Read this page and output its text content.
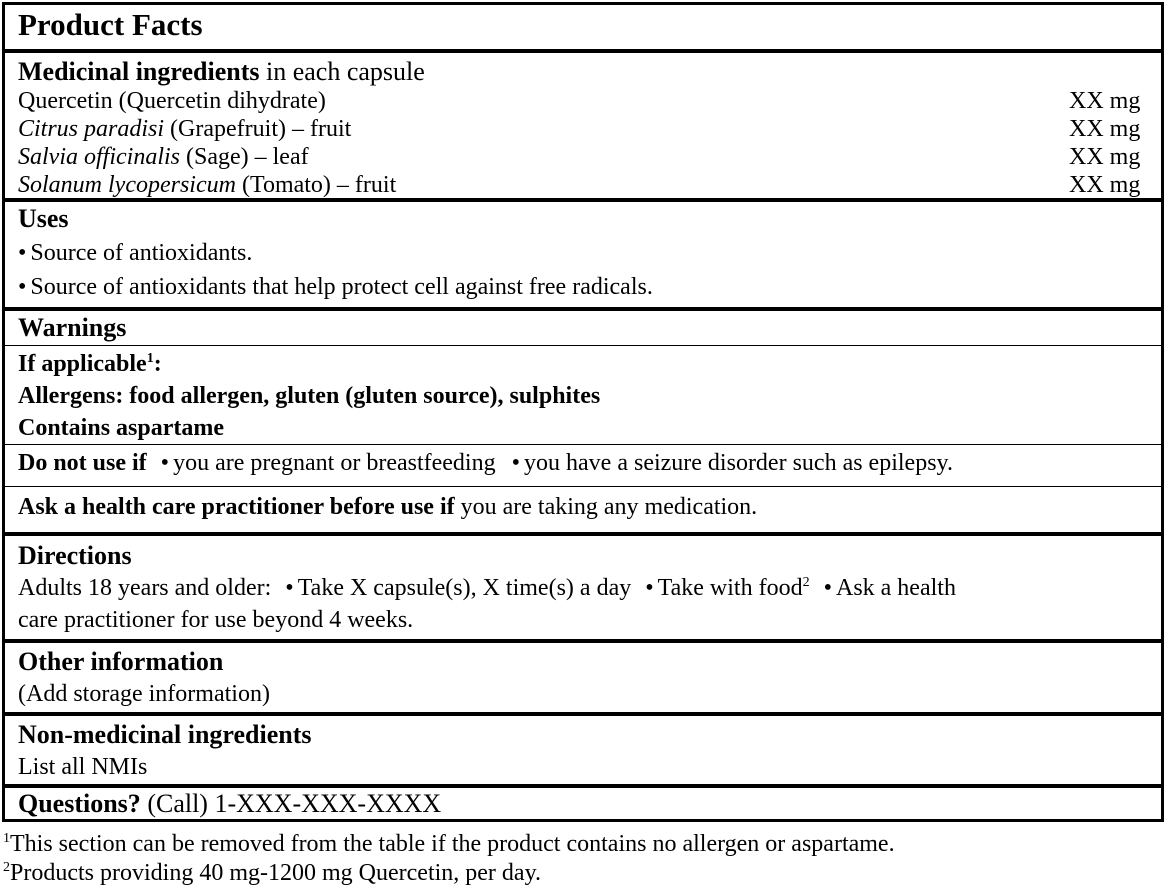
Product Facts
Medicinal ingredients in each capsule
Quercetin (Quercetin dihydrate)	XX mg
Citrus paradisi (Grapefruit) – fruit	XX mg
Salvia officinalis (Sage) – leaf	XX mg
Solanum lycopersicum (Tomato) – fruit	XX mg
Uses
• Source of antioxidants.
• Source of antioxidants that help protect cell against free radicals.
Warnings
If applicable$^1$:
Allergens: food allergen, gluten (gluten source), sulphites
Contains aspartame
Do not use if • you are pregnant or breastfeeding • you have a seizure disorder such as epilepsy.
Ask a health care practitioner before use if you are taking any medication.
Directions
Adults 18 years and older: • Take X capsule(s), X time(s) a day • Take with food$^2$ • Ask a health
care practitioner for use beyond 4 weeks.
Other information
(Add storage information)
Non-medicinal ingredients
List all NMIs
Questions? (Call) 1-XXX-XXX-XXXX
$^1$This section can be removed from the table if the product contains no allergen or aspartame.
$^2$Products providing 40 mg-1200 mg Quercetin, per day.
